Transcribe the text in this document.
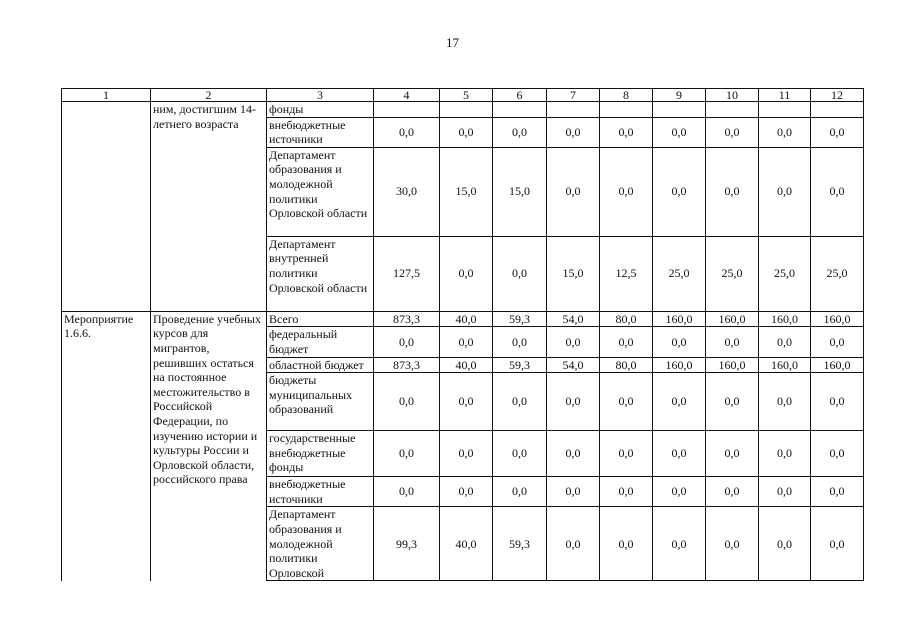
17
1	2	3	4	5	6	7	8	9	10	11	12
	ним, достигшим 14-летнего возраста	фонды									
		внебюджетные источники	0,0	0,0	0,0	0,0	0,0	0,0	0,0	0,0	0,0
		Департамент образования и молодежной политики Орловской области	30,0	15,0	15,0	0,0	0,0	0,0	0,0	0,0	0,0
		Департамент внутренней политики Орловской области	127,5	0,0	0,0	15,0	12,5	25,0	25,0	25,0	25,0
Мероприятие 1.6.6.	Проведение учебных курсов для мигрантов, решивших остаться на постоянное местожительство в Российской Федерации, по изучению истории и культуры России и Орловской области, российского права	Всего	873,3	40,0	59,3	54,0	80,0	160,0	160,0	160,0	160,0
		федеральный бюджет	0,0	0,0	0,0	0,0	0,0	0,0	0,0	0,0	0,0
		областной бюджет	873,3	40,0	59,3	54,0	80,0	160,0	160,0	160,0	160,0
		бюджеты муниципальных образований	0,0	0,0	0,0	0,0	0,0	0,0	0,0	0,0	0,0
		государственные внебюджетные фонды	0,0	0,0	0,0	0,0	0,0	0,0	0,0	0,0	0,0
		внебюджетные источники	0,0	0,0	0,0	0,0	0,0	0,0	0,0	0,0	0,0
		Департамент образования и молодежной политики Орловской	99,3	40,0	59,3	0,0	0,0	0,0	0,0	0,0	0,0
